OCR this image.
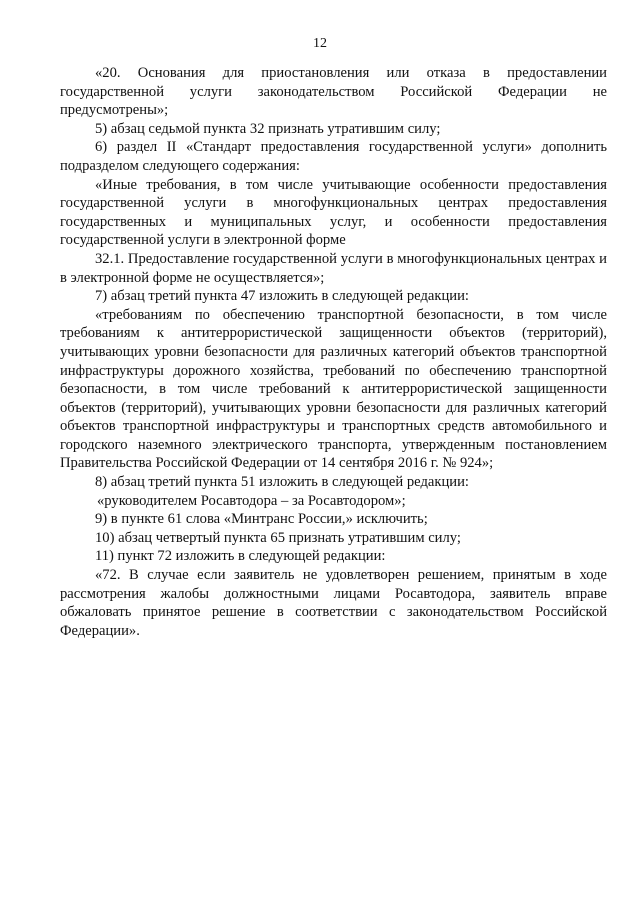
12

«20. Основания для приостановления или отказа в предоставлении государственной услуги законодательством Российской Федерации не предусмотрены»;

5) абзац седьмой пункта 32 признать утратившим силу;

6) раздел II «Стандарт предоставления государственной услуги» дополнить подразделом следующего содержания:

«Иные требования, в том числе учитывающие особенности предоставления государственной услуги в многофункциональных центрах предоставления государственных и муниципальных услуг, и особенности предоставления государственной услуги в электронной форме

32.1. Предоставление государственной услуги в многофункциональных центрах и в электронной форме не осуществляется»;

7) абзац третий пункта 47 изложить в следующей редакции:

«требованиям по обеспечению транспортной безопасности, в том числе требованиям к антитеррористической защищенности объектов (территорий), учитывающих уровни безопасности для различных категорий объектов транспортной инфраструктуры дорожного хозяйства, требований по обеспечению транспортной безопасности, в том числе требований к антитеррористической защищенности объектов (территорий), учитывающих уровни безопасности для различных категорий объектов транспортной инфраструктуры и транспортных средств автомобильного и городского наземного электрического транспорта, утвержденным постановлением Правительства Российской Федерации от 14 сентября 2016 г. № 924»;

8) абзац третий пункта 51 изложить в следующей редакции:

«руководителем Росавтодора – за Росавтодором»;

9) в пункте 61 слова «Минтранс России,» исключить;

10) абзац четвертый пункта 65 признать утратившим силу;

11) пункт 72 изложить в следующей редакции:

«72. В случае если заявитель не удовлетворен решением, принятым в ходе рассмотрения жалобы должностными лицами Росавтодора, заявитель вправе обжаловать принятое решение в соответствии с законодательством Российской Федерации».
